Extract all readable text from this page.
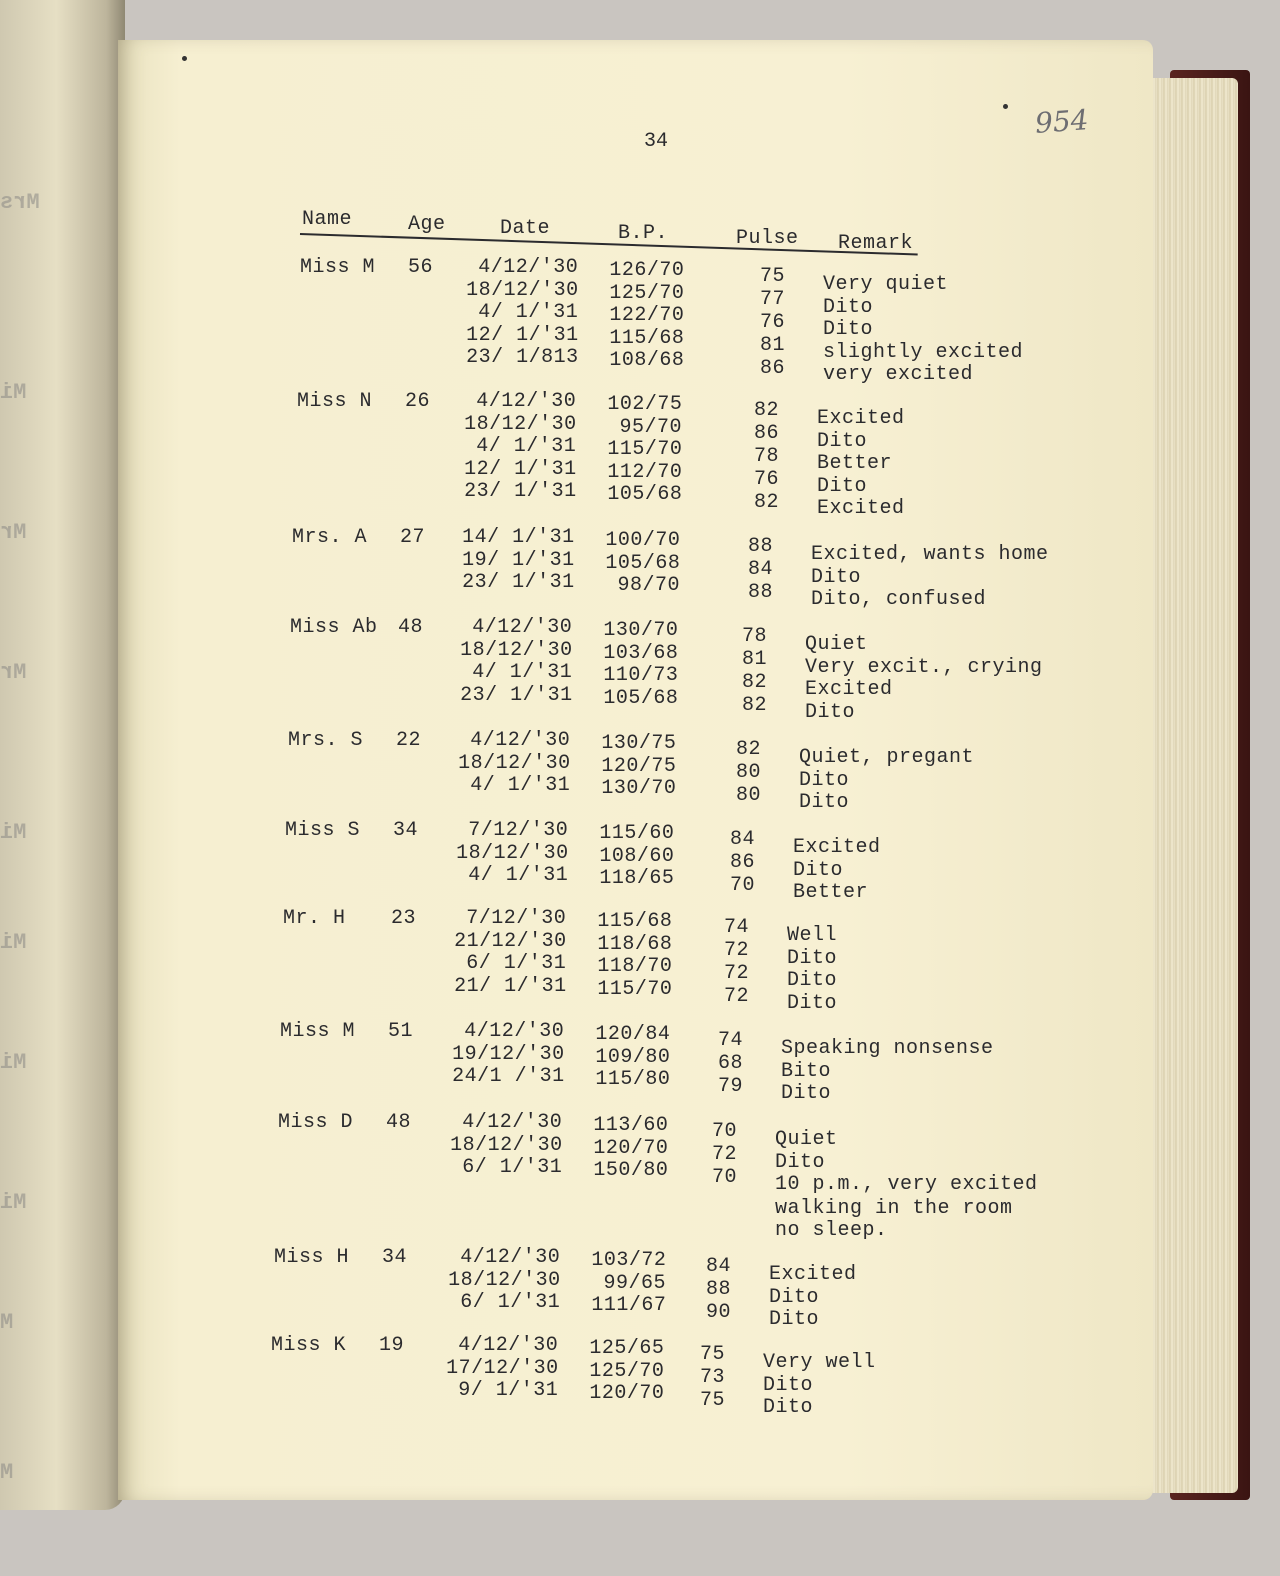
34
954
Name	Age	Date	B.P.	Pulse Remark
Miss M 56 4/12/'30 126/70	75 Very quiet
18/12/'30 125/70	77 Dito
4/ 1/'31 122/70	76 Dito
12/ 1/'31 115/68	81 slightly excited
23/ 1/813 108/68	86 very excited
Miss N 26 4/12/'30 102/75	82 Excited
18/12/'30 95/70	86 Dito
4/ 1/'31 115/70	78 Better
12/ 1/'31 112/70	76 Dito
23/ 1/'31 105/68	82 Excited
Mrs. A 27 14/ 1/'31 100/70	88 Excited, wants home
19/ 1/'31 105/68	84 Dito
23/ 1/'31 98/70	88 Dito, confused
Miss Ab 48 4/12/'30 130/70	78 Quiet
18/12/'30 103/68	81 Very excit., crying
4/ 1/'31 110/73	82 Excited
23/ 1/'31 105/68	82 Dito
Mrs. S 22 4/12/'30 130/75	82 Quiet, pregant
18/12/'30 120/75	80 Dito
4/ 1/'31 130/70	80 Dito
Miss S 34	7/12/'30 115/60	84 Excited
18/12/'30 108/60	86 Dito
4/ 1/'31 118/65	70 Better
Mr. H 23	7/12/'30 115/68	74 Well
21/12/'30 118/68	72 Dito
6/ 1/'31 118/70	72 Dito
21/ 1/'31 115/70	72 Dito
Miss M 51	4/12/'30 120/84 74 Speaking nonsense
19/12/'30 109/80 68 Bito
24/1 /'31 115/80 79 Dito
Miss D 48	4/12/'30 113/60 70 Quiet
18/12/'30 120/70 72 Dito
6/ 1/'31 150/80 70 10 p.m., very excited
walking in the room
no sleep.
Miss H 34	4/12/'30 103/72 84 Excited
18/12/'30 99/65 88 Dito
6/ 1/'31 111/67 90 Dito
Miss K 19	4/12/'30 125/65 75 Very well
17/12/'30 125/70 73 Dito
9/ 1/'31 120/70 75 Dito
Mrs
Mi
Mr
Mr
Mi
Mi
Mi
Mi
M
M
